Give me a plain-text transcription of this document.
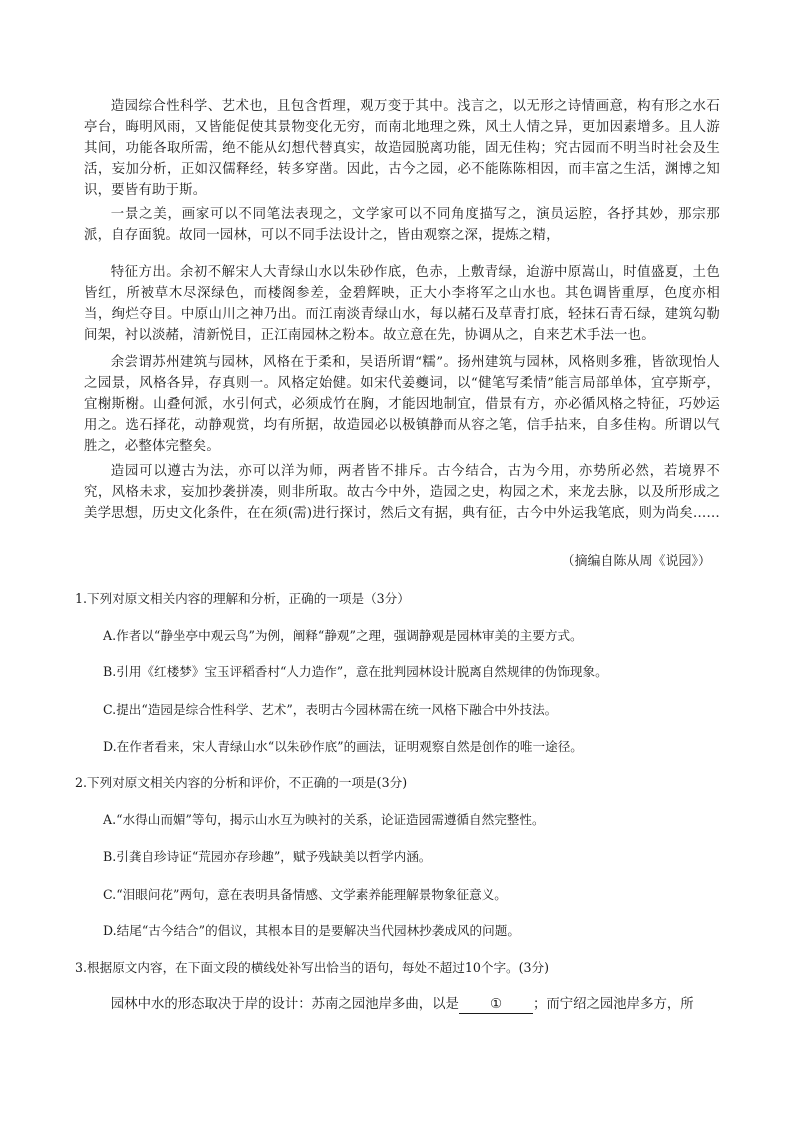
造园综合性科学、艺术也，且包含哲理，观万变于其中。浅言之，以无形之诗情画意，构有形之水石亭台，晦明风雨，又皆能促使其景物变化无穷，而南北地理之殊，风土人情之异，更加因素增多。且人游其间，功能各取所需，绝不能从幻想代替真实，故造园脱离功能，固无佳构；究古园而不明当时社会及生活，妄加分析，正如汉儒释经，转多穿凿。因此，古今之园，必不能陈陈相因，而丰富之生活，渊博之知识，要皆有助于斯。

一景之美，画家可以不同笔法表现之，文学家可以不同角度描写之，演员运腔，各抒其妙，那宗那派，自存面貌。故同一园林，可以不同手法设计之，皆由观察之深，提炼之精，

特征方出。余初不解宋人大青绿山水以朱砂作底，色赤，上敷青绿，迨游中原嵩山，时值盛夏，土色皆红，所被草木尽深绿色，而楼阁参差，金碧辉映，正大小李将军之山水也。其色调皆重厚，色度亦相当，绚烂夺目。中原山川之神乃出。而江南淡青绿山水，每以赭石及草青打底，轻抹石青石绿，建筑勾勒间架，衬以淡赭，清新悦目，正江南园林之粉本。故立意在先，协调从之，自来艺术手法一也。

余尝谓苏州建筑与园林，风格在于柔和，吴语所谓“糯”。扬州建筑与园林，风格则多雅，皆欲现怡人之园景，风格各异，存真则一。风格定始健。如宋代姜夔词，以“健笔写柔情”能言局部单体，宜亭斯亭，宜榭斯榭。山叠何派，水引何式，必须成竹在胸，才能因地制宜，借景有方，亦必循风格之特征，巧妙运用之。选石择花，动静观赏，均有所据，故造园必以极镇静而从容之笔，信手拈来，自多佳构。所谓以气胜之，必整体完整矣。

造园可以遵古为法，亦可以洋为师，两者皆不排斥。古今结合，古为今用，亦势所必然，若境界不究，风格未求，妄加抄袭拼凑，则非所取。故古今中外，造园之史，构园之术，来龙去脉，以及所形成之美学思想，历史文化条件，在在须(需)进行探讨，然后文有据，典有征，古今中外运我笔底，则为尚矣……

（摘编自陈从周《说园》）

1.下列对原文相关内容的理解和分析，正确的一项是（3分）

A.作者以“静坐亭中观云鸟”为例，阐释“静观”之理，强调静观是园林审美的主要方式。

B.引用《红楼梦》宝玉评稻香村“人力造作”，意在批判园林设计脱离自然规律的伪饰现象。

C.提出“造园是综合性科学、艺术”，表明古今园林需在统一风格下融合中外技法。

D.在作者看来，宋人青绿山水“以朱砂作底”的画法，证明观察自然是创作的唯一途径。

2.下列对原文相关内容的分析和评价，不正确的一项是(3分)

A.“水得山而媚”等句，揭示山水互为映衬的关系，论证造园需遵循自然完整性。

B.引龚自珍诗证“荒园亦存珍趣”，赋予残缺美以哲学内涵。

C.“泪眼问花”两句，意在表明具备情感、文学素养能理解景物象征意义。

D.结尾“古今结合”的倡议，其根本目的是要解决当代园林抄袭成风的问题。

3.根据原文内容，在下面文段的横线处补写出恰当的语句，每处不超过10个字。(3分)

园林中水的形态取决于岸的设计：苏南之园池岸多曲，以是 ① ；而宁绍之园池岸多方，所
